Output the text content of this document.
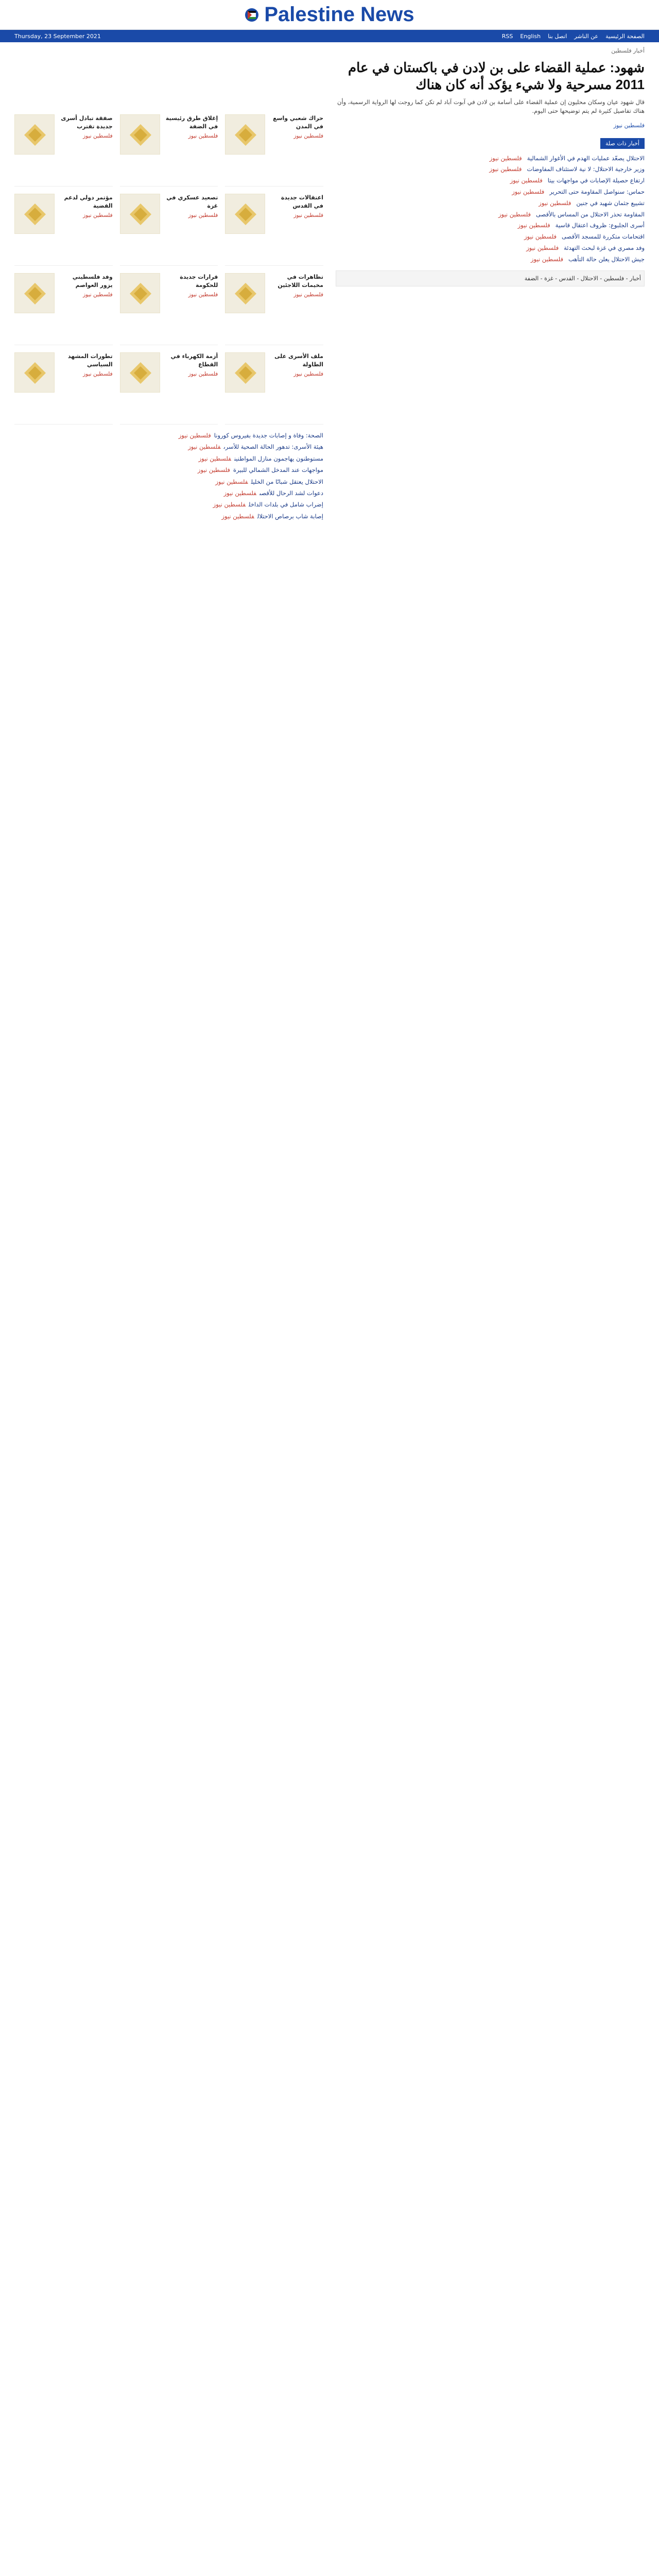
Palestine News
Thursday, 23 September 2021	الصفحة الرئيسية
عن الناشر
اتصل بنا
English
RSS
صفقة تبادل أسرى جديدة تقترب
فلسطين نيوز
إغلاق طرق رئيسية في الضفة
فلسطين نيوز
حراك شعبي واسع في المدن
فلسطين نيوز
مؤتمر دولي لدعم القضية
فلسطين نيوز
تصعيد عسكري في غزة
فلسطين نيوز
اعتقالات جديدة في القدس
فلسطين نيوز
وفد فلسطيني يزور العواصم
فلسطين نيوز
قرارات جديدة للحكومة
فلسطين نيوز
تظاهرات في مخيمات اللاجئين
فلسطين نيوز
تطورات المشهد السياسي
فلسطين نيوز
أزمة الكهرباء في القطاع
فلسطين نيوز
ملف الأسرى على الطاولة
فلسطين نيوز
الصحة: وفاة و إصابات جديدة بفيروس كورونافلسطين نيوز
هيئة الأسرى: تدهور الحالة الصحية للأسرىفلسطين نيوز
مستوطنون يهاجمون منازل المواطنينفلسطين نيوز
مواجهات عند المدخل الشمالي للبيرةفلسطين نيوز
الاحتلال يعتقل شبانًا من الخليلفلسطين نيوز
دعوات لشد الرحال للأقصىفلسطين نيوز
إضراب شامل في بلدات الداخلفلسطين نيوز
إصابة شاب برصاص الاحتلالفلسطين نيوز
أخبار فلسطين
شهود: عملية القضاء على بن لادن في باكستان في عام 2011 مسرحية ولا شيء يؤكد أنه كان هناك
قال شهود عيان وسكان محليون إن عملية القضاء على أسامة بن لادن في آبوت آباد لم تكن كما روجت لها الرواية الرسمية، وأن هناك تفاصيل كثيرة لم يتم توضيحها حتى اليوم.
فلسطين نيوز
أخبار ذات صلة
الاحتلال يصعّد عمليات الهدم في الأغوار الشمالية
فلسطين نيوز
وزير خارجية الاحتلال: لا نية لاستئناف المفاوضات
فلسطين نيوز
ارتفاع حصيلة الإصابات في مواجهات بيتا
فلسطين نيوز
حماس: سنواصل المقاومة حتى التحرير
فلسطين نيوز
تشييع جثمان شهيد في جنين
فلسطين نيوز
المقاومة تحذر الاحتلال من المساس بالأقصى
فلسطين نيوز
أسرى الجلبوع: ظروف اعتقال قاسية
فلسطين نيوز
اقتحامات متكررة للمسجد الأقصى
فلسطين نيوز
وفد مصري في غزة لبحث التهدئة
فلسطين نيوز
جيش الاحتلال يعلن حالة التأهب
فلسطين نيوز
أخبار - فلسطين - الاحتلال - القدس - غزة - الضفة
